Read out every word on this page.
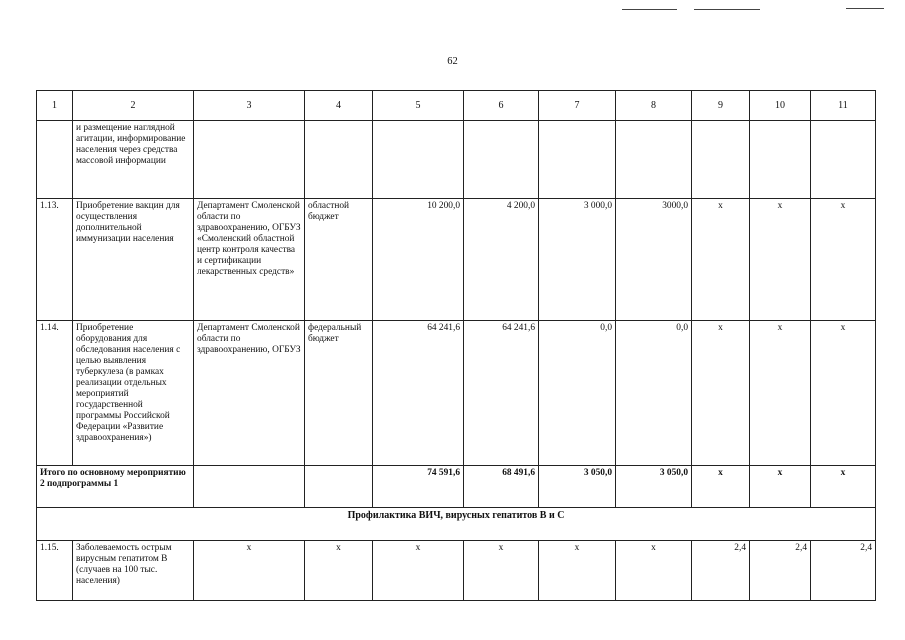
62
1	2	3	4	5	6	7	8	9	10	11
	и размещение наглядной агитации, информирование населения через средства массовой информации									
1.13.	Приобретение вакцин для осуществления дополнительной иммунизации населения	Департамент Смоленской области по здравоохранению, ОГБУЗ «Смоленский областной центр контроля качества и сертификации лекарственных средств»	областной бюджет	10 200,0	4 200,0	3 000,0	3000,0	x	x	x
1.14.	Приобретение оборудования для обследования населения с целью выявления туберкулеза (в рамках реализации отдельных мероприятий государственной программы Российской Федерации «Развитие здравоохранения»)	Департамент Смоленской области по здравоохранению, ОГБУЗ	федеральный бюджет	64 241,6	64 241,6	0,0	0,0	x	x	x
Итого по основному мероприятию 2 подпрограммы 1				74 591,6	68 491,6	3 050,0	3 050,0	x	x	x
Профилактика ВИЧ, вирусных гепатитов В и С										
1.15.	Заболеваемость острым вирусным гепатитом В (случаев на 100 тыс. населения)	x	x	x	x	x	x	2,4	2,4	2,4
